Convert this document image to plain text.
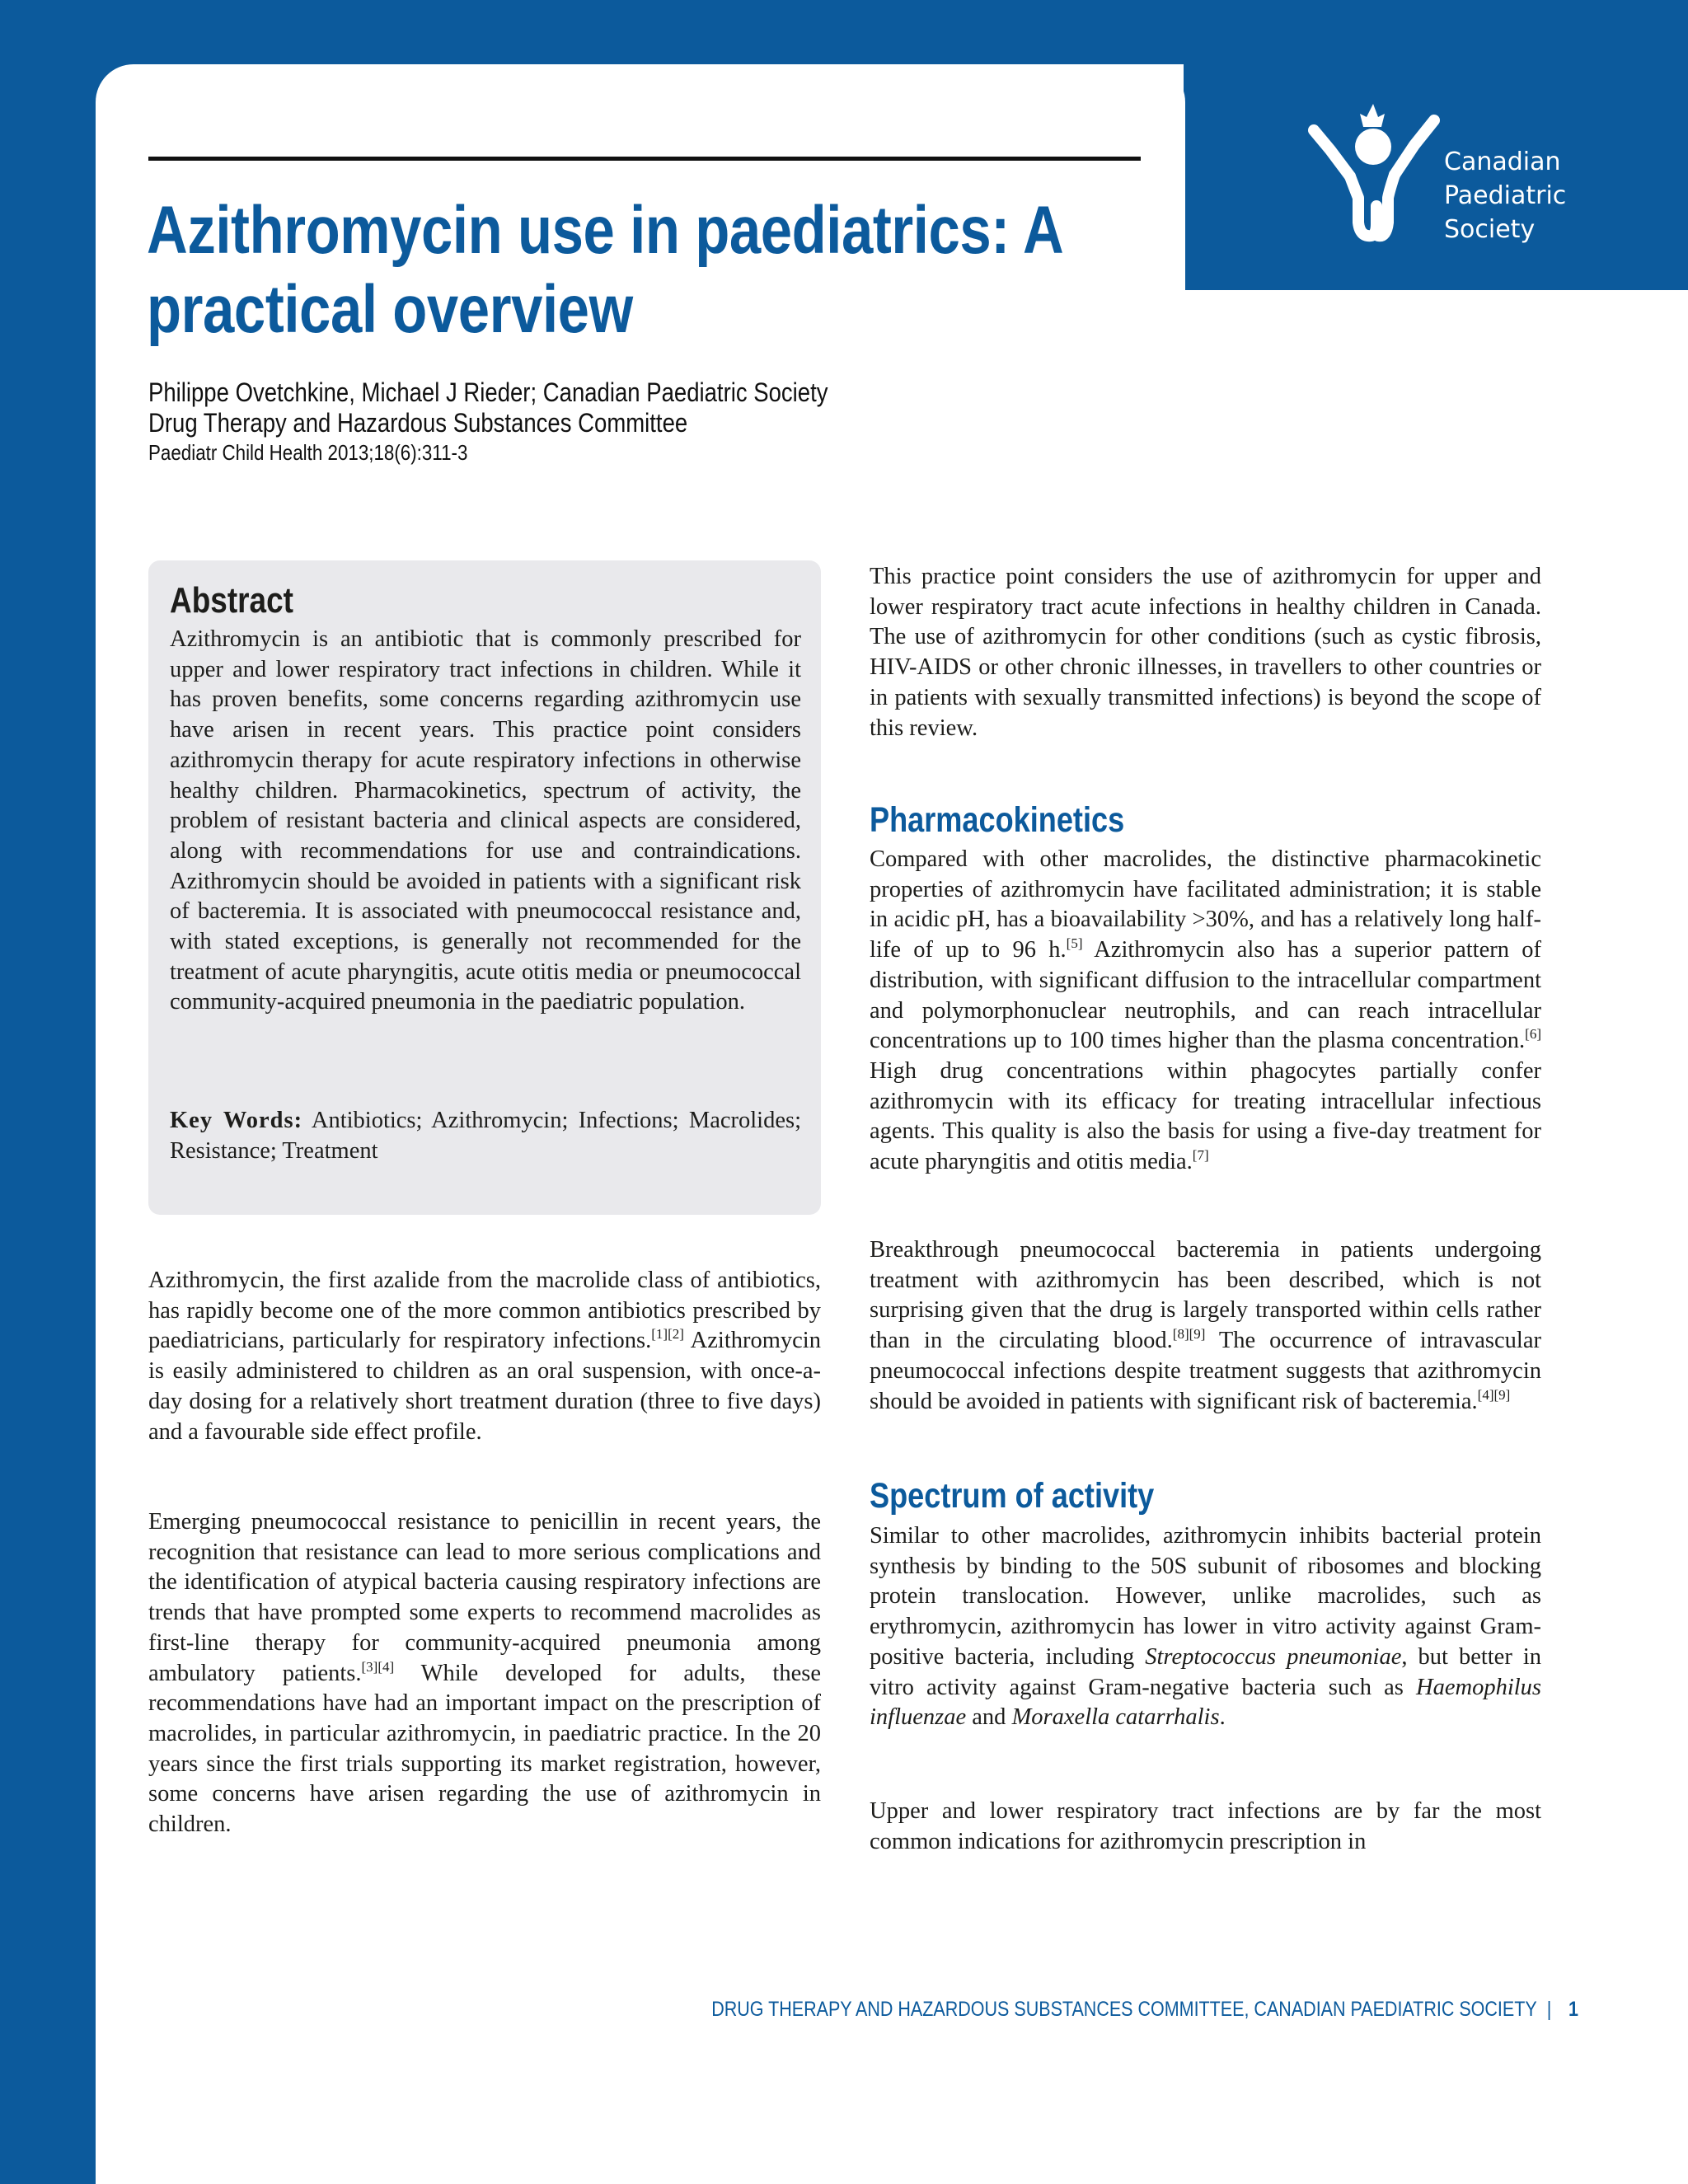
Canadian
Paediatric
Society
Azithromycin use in paediatrics: A
practical overview
Philippe Ovetchkine, Michael J Rieder; Canadian Paediatric Society
Drug Therapy and Hazardous Substances Committee
Paediatr Child Health 2013;18(6):311-3
Abstract

Azithromycin is an antibiotic that is commonly prescribed for upper and lower respiratory tract infections in children. While it has proven benefits, some concerns regarding azithromycin use have arisen in recent years. This practice point considers azithromycin therapy for acute respiratory infections in otherwise healthy children. Pharmacokinetics, spectrum of activity, the problem of resistant bacteria and clinical aspects are considered, along with recommendations for use and contraindications. Azithromycin should be avoided in patients with a significant risk of bacteremia. It is associated with pneumococcal resistance and, with stated exceptions, is generally not recommended for the treatment of acute pharyngitis, acute otitis media or pneumococcal community-acquired pneumonia in the paediatric population.

Key Words: Antibiotics; Azithromycin; Infections; Macrolides; Resistance; Treatment

Azithromycin, the first azalide from the macrolide class of antibiotics, has rapidly become one of the more common antibiotics prescribed by paediatricians, particularly for respiratory infections.[1][2] Azithromycin is easily administered to children as an oral suspension, with once-a-day dosing for a relatively short treatment duration (three to five days) and a favourable side effect profile.

Emerging pneumococcal resistance to penicillin in recent years, the recognition that resistance can lead to more serious complications and the identification of atypical bacteria causing respiratory infections are trends that have prompted some experts to recommend macrolides as first-line therapy for community-acquired pneumonia among ambulatory patients.[3][4] While developed for adults, these recommendations have had an important impact on the prescription of macrolides, in particular azithromycin, in paediatric practice. In the 20 years since the first trials supporting its market registration, however, some concerns have arisen regarding the use of azithromycin in children.

This practice point considers the use of azithromycin for upper and lower respiratory tract acute infections in healthy children in Canada. The use of azithromycin for other conditions (such as cystic fibrosis, HIV-AIDS or other chronic illnesses, in travellers to other countries or in patients with sexually transmitted infections) is beyond the scope of this review.

Pharmacokinetics

Compared with other macrolides, the distinctive pharmacokinetic properties of azithromycin have facilitated administration; it is stable in acidic pH, has a bioavailability >30%, and has a relatively long half-life of up to 96 h.[5] Azithromycin also has a superior pattern of distribution, with significant diffusion to the intracellular compartment and polymorphonuclear neutrophils, and can reach intracellular concentrations up to 100 times higher than the plasma concentration.[6] High drug concentrations within phagocytes partially confer azithromycin with its efficacy for treating intracellular infectious agents. This quality is also the basis for using a five-day treatment for acute pharyngitis and otitis media.[7]

Breakthrough pneumococcal bacteremia in patients undergoing treatment with azithromycin has been described, which is not surprising given that the drug is largely transported within cells rather than in the circulating blood.[8][9] The occurrence of intravascular pneumococcal infections despite treatment suggests that azithromycin should be avoided in patients with significant risk of bacteremia.[4][9]

Spectrum of activity

Similar to other macrolides, azithromycin inhibits bacterial protein synthesis by binding to the 50S subunit of ribosomes and blocking protein translocation. However, unlike macrolides, such as erythromycin, azithromycin has lower in vitro activity against Gram-positive bacteria, including Streptococcus pneumoniae, but better in vitro activity against Gram-negative bacteria such as Haemophilus influenzae and Moraxella catarrhalis.

Upper and lower respiratory tract infections are by far the most common indications for azithromycin prescription in

DRUG THERAPY AND HAZARDOUS SUBSTANCES COMMITTEE, CANADIAN PAEDIATRIC SOCIETY | 1
